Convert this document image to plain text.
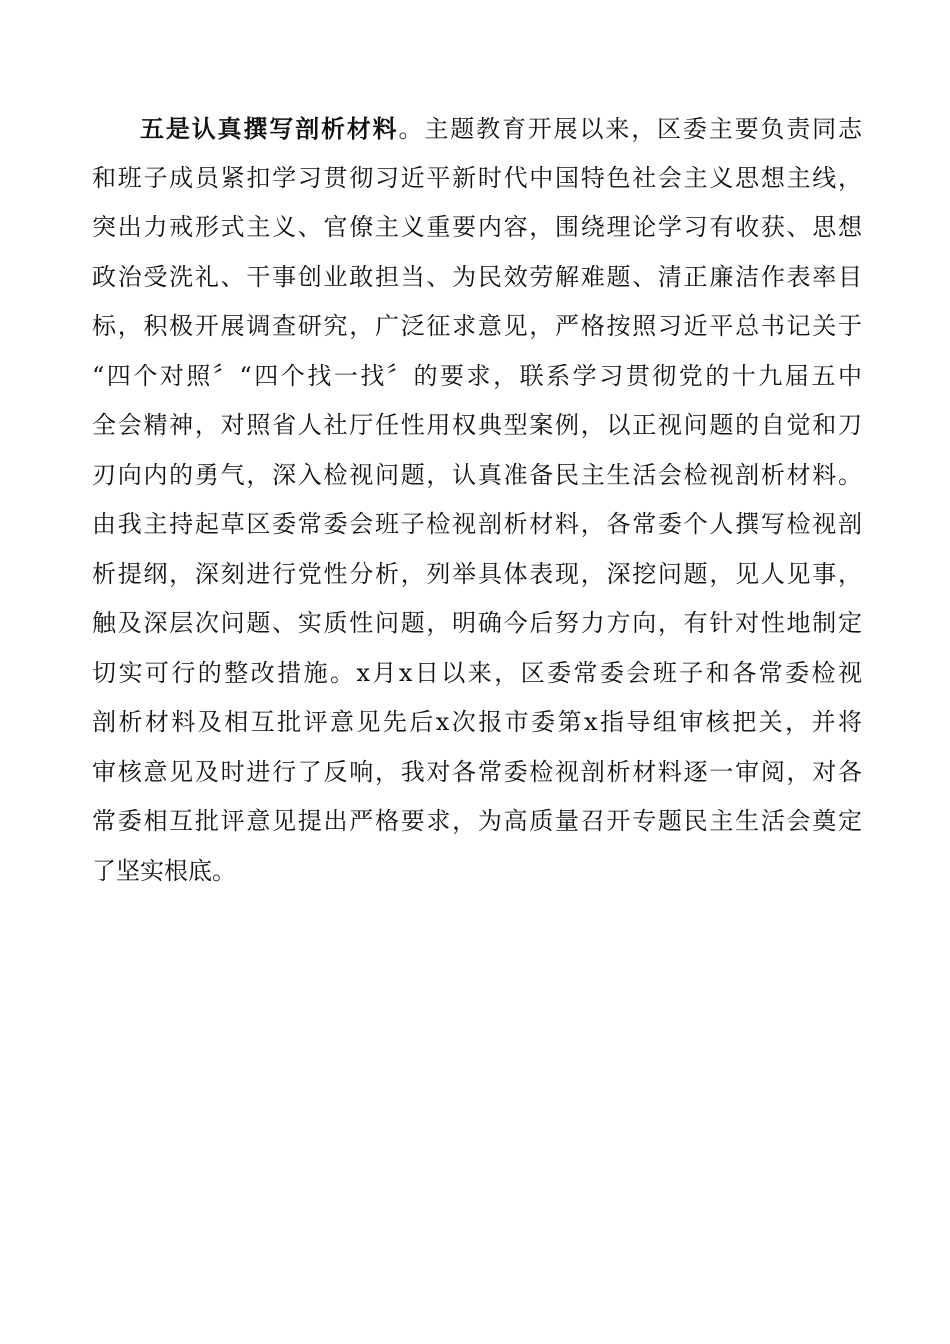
五是认真撰写剖析材料。主题教育开展以来，区委主要负责同志
和班子成员紧扣学习贯彻习近平新时代中国特色社会主义思想主线，
突出力戒形式主义、官僚主义重要内容，围绕理论学习有收获、思想
政治受洗礼、干事创业敢担当、为民效劳解难题、清正廉洁作表率目
标，积极开展调查研究，广泛征求意见，严格按照习近平总书记关于
“四个对照〞“四个找一找〞的要求，联系学习贯彻党的十九届五中
全会精神，对照省人社厅任性用权典型案例，以正视问题的自觉和刀
刃向内的勇气，深入检视问题，认真准备民主生活会检视剖析材料。
由我主持起草区委常委会班子检视剖析材料，各常委个人撰写检视剖
析提纲，深刻进行党性分析，列举具体表现，深挖问题，见人见事，
触及深层次问题、实质性问题，明确今后努力方向，有针对性地制定
切实可行的整改措施。x月x日以来，区委常委会班子和各常委检视
剖析材料及相互批评意见先后x次报市委第x指导组审核把关，并将
审核意见及时进行了反响，我对各常委检视剖析材料逐一审阅，对各
常委相互批评意见提出严格要求，为高质量召开专题民主生活会奠定
了坚实根底。
